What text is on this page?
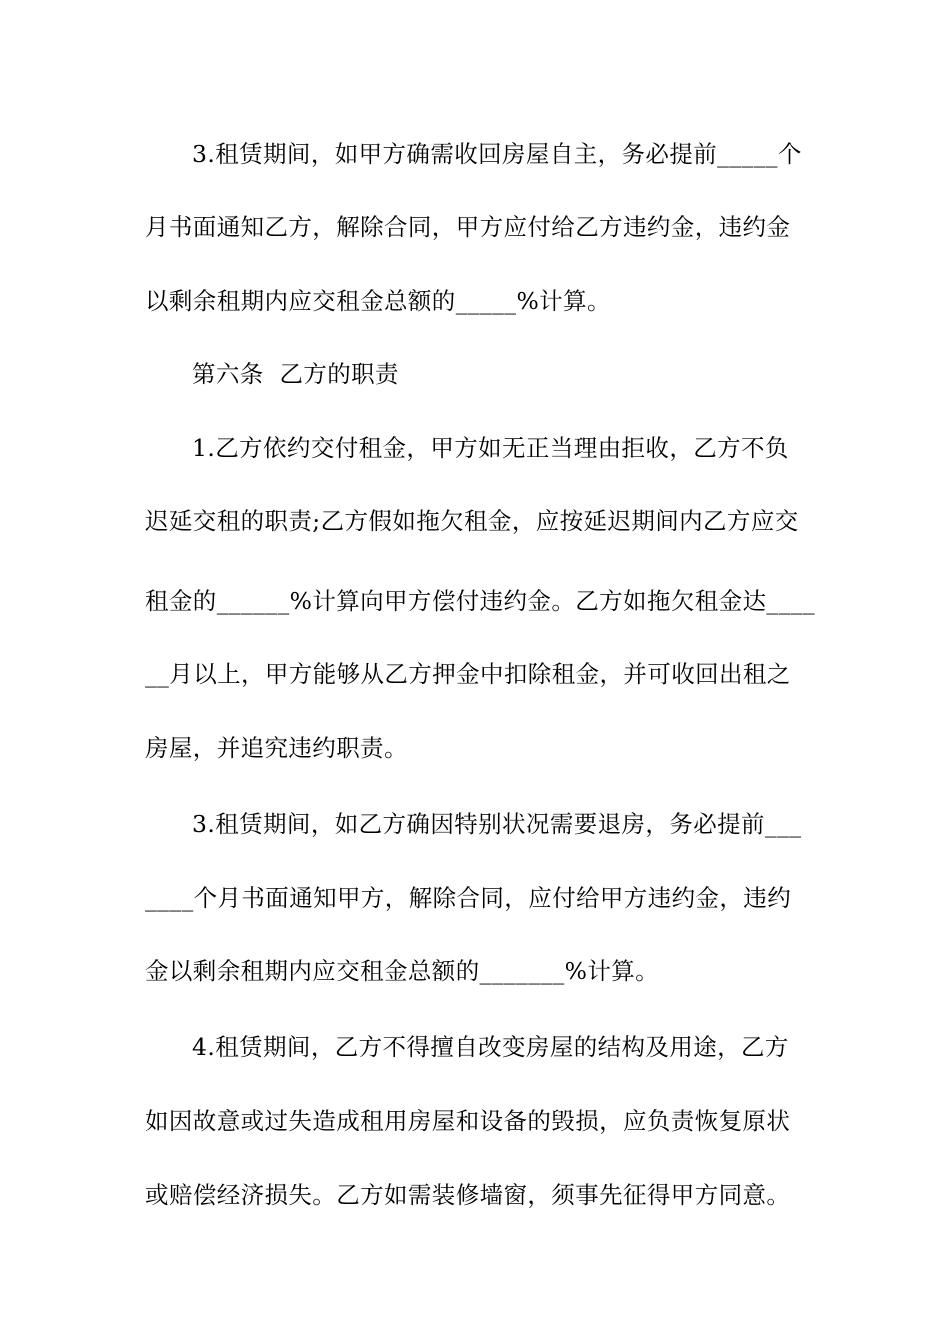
3.租赁期间，如甲方确需收回房屋自主，务必提前_____个
月书面通知乙方，解除合同，甲方应付给乙方违约金，违约金
以剩余租期内应交租金总额的_____%计算。
第六条  乙方的职责
1.乙方依约交付租金，甲方如无正当理由拒收，乙方不负
迟延交租的职责;乙方假如拖欠租金，应按延迟期间内乙方应交
租金的______%计算向甲方偿付违约金。乙方如拖欠租金达____
__月以上，甲方能够从乙方押金中扣除租金，并可收回出租之
房屋，并追究违约职责。
3.租赁期间，如乙方确因特别状况需要退房，务必提前___
____个月书面通知甲方，解除合同，应付给甲方违约金，违约
金以剩余租期内应交租金总额的_______%计算。
4.租赁期间，乙方不得擅自改变房屋的结构及用途，乙方
如因故意或过失造成租用房屋和设备的毁损，应负责恢复原状
或赔偿经济损失。乙方如需装修墙窗，须事先征得甲方同意。
